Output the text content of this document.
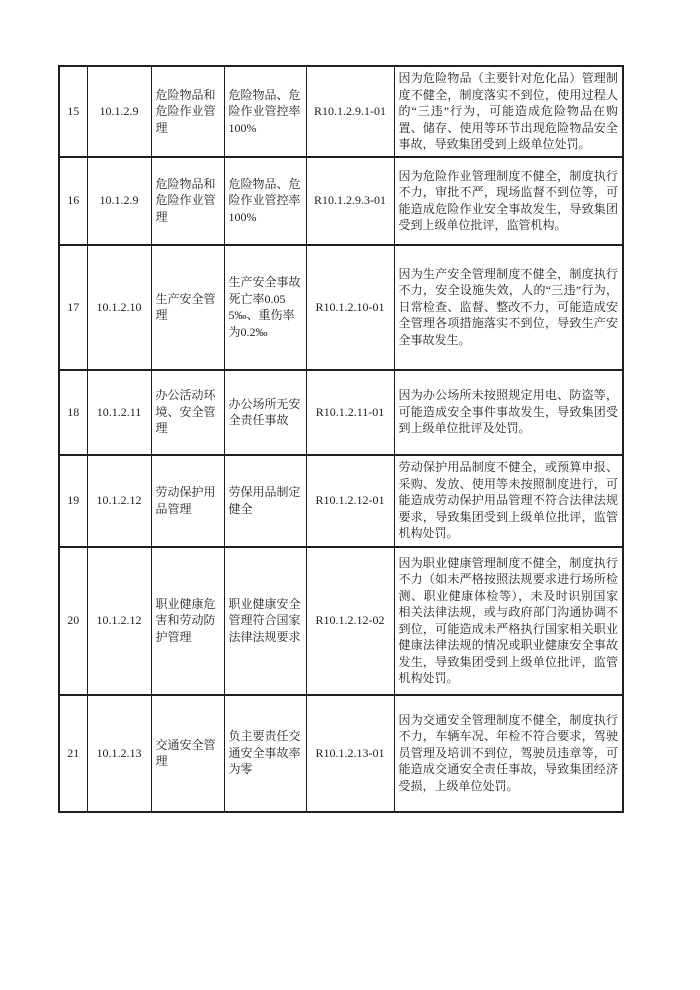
15	10.1.2.9	危险物品和危险作业管理	危险物品、危险作业管控率100%	R10.1.2.9.1-01	因为危险物品（主要针对危化品）管理制度不健全，制度落实不到位，使用过程人的“三违”行为，可能造成危险物品在购置、储存、使用等环节出现危险物品安全事故，导致集团受到上级单位处罚。
16	10.1.2.9	危险物品和危险作业管理	危险物品、危险作业管控率100%	R10.1.2.9.3-01	因为危险作业管理制度不健全，制度执行不力，审批不严，现场监督不到位等，可能造成危险作业安全事故发生，导致集团受到上级单位批评，监管机构。
17	10.1.2.10	生产安全管理	生产安全事故死亡率0.055‰、重伤率为0.2‰	R10.1.2.10-01	因为生产安全管理制度不健全，制度执行不力，安全设施失效，人的“三违”行为，日常检查、监督、整改不力，可能造成安全管理各项措施落实不到位，导致生产安全事故发生。
18	10.1.2.11	办公活动环境、安全管理	办公场所无安全责任事故	R10.1.2.11-01	因为办公场所未按照规定用电、防盗等，可能造成安全事件事故发生，导致集团受到上级单位批评及处罚。
19	10.1.2.12	劳动保护用品管理	劳保用品制定健全	R10.1.2.12-01	劳动保护用品制度不健全，或预算申报、采购、发放、使用等未按照制度进行，可能造成劳动保护用品管理不符合法律法规要求，导致集团受到上级单位批评，监管机构处罚。
20	10.1.2.12	职业健康危害和劳动防护管理	职业健康安全管理符合国家法律法规要求	R10.1.2.12-02	因为职业健康管理制度不健全，制度执行不力（如未严格按照法规要求进行场所检测、职业健康体检等），未及时识别国家相关法律法规，或与政府部门沟通协调不到位，可能造成未严格执行国家相关职业健康法律法规的情况或职业健康安全事故发生，导致集团受到上级单位批评，监管机构处罚。
21	10.1.2.13	交通安全管理	负主要责任交通安全事故率为零	R10.1.2.13-01	因为交通安全管理制度不健全，制度执行不力，车辆车况、年检不符合要求，驾驶员管理及培训不到位，驾驶员违章等，可能造成交通安全责任事故，导致集团经济受损，上级单位处罚。
